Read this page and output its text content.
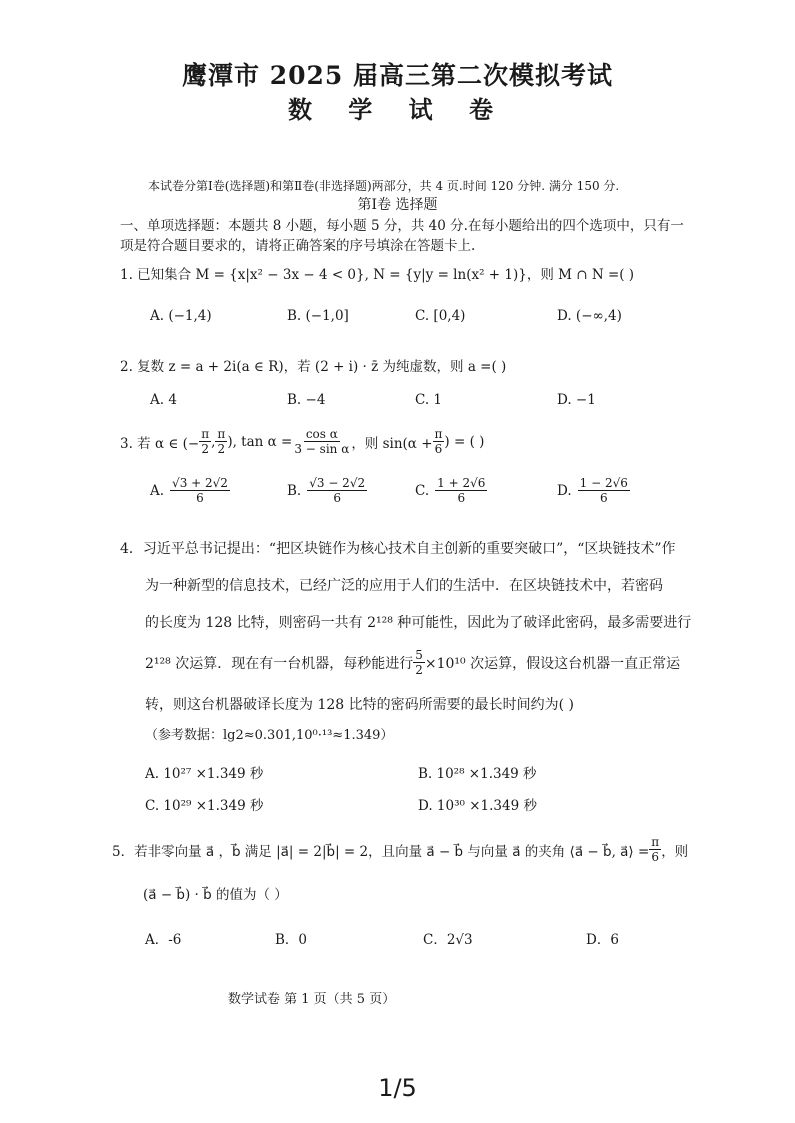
鹰潭市 2025 届高三第二次模拟考试
数 学 试 卷
本试卷分第Ⅰ卷(选择题)和第Ⅱ卷(非选择题)两部分，共 4 页.时间 120 分钟. 满分 150 分.
第Ⅰ卷 选择题
一、单项选择题：本题共 8 小题，每小题 5 分，共 40 分.在每小题给出的四个选项中，只有一项是符合题目要求的，请将正确答案的序号填涂在答题卡上.
1. 已知集合 M = {x|x² − 3x − 4 < 0}, N = {y|y = ln(x² + 1)}，则 M ∩ N =( )
A. (−1,4)	B. (−1,0]	C. [0,4)	D. (−∞,4)
2. 复数 z = a + 2i(a ∈ R)，若 (2 + i) · z̄ 为纯虚数，则 a =( )
A. 4	B. −4	C. 1	D. −1
3. 若 α ∈ (− $\frac{\pi}{2}$ , $\frac{\pi}{2}$ ), $\tan \alpha = \frac{\text{cos α}}{\text{3 − sin α}}$ ，则 $\sin(\alpha + \frac{\pi}{6}$ ) = ( )
A. $\frac{√3 + 2√2}{6}$	B. $\frac{√3 - 2√2}{6}$	C. $\frac{1 + 2√6}{6}$	D. $\frac{1 - 2√6}{6}$
4．习近平总书记提出：“把区块链作为核心技术自主创新的重要突破口”，“区块链技术”作
为一种新型的信息技术，已经广泛的应用于人们的生活中．在区块链技术中，若密码
的长度为 128 比特，则密码一共有 2¹²⁸ 种可能性，因此为了破译此密码，最多需要进行
2¹²⁸ 次运算．现在有一台机器，每秒能进行 $\frac{5}{2} \times 10^{10}$ 次运算，假设这台机器一直正常运
转，则这台机器破译长度为 128 比特的密码所需要的最长时间约为( )
（参考数据：lg2≈0.301,10⁰·¹³≈1.349）
A. 10²⁷ ×1.349 秒	B. 10²⁸ ×1.349 秒
C. 10²⁹ ×1.349 秒	D. 10³⁰ ×1.349 秒
5．若非零向量 a⃗ ，b⃗ 满足 |a⃗| = 2|b⃗| = 2，且向量 a⃗ − b⃗ 与向量 a⃗ 的夹角 ⟨a⃗ − b⃗, a⃗⟩ = $\frac{\pi}{6}$ ，则
(a⃗ − b⃗) · b⃗ 的值为（ ）
A．-6	B．0	C．2√3	D．6
数学试卷 第 1 页（共 5 页）
1/5
